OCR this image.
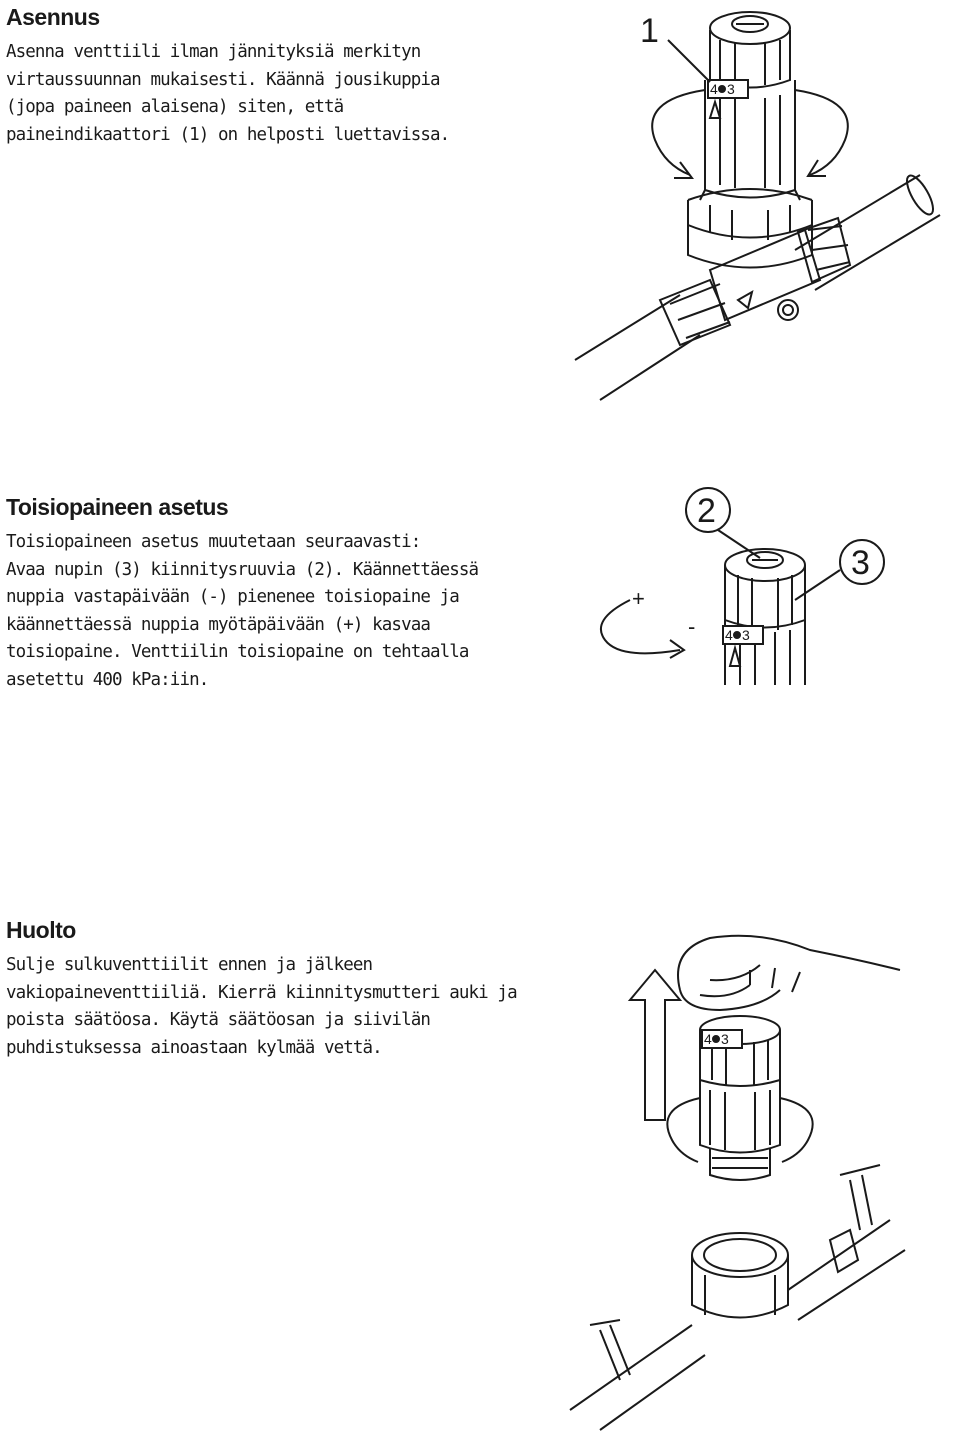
Asennus

Asenna venttiili ilman jännityksiä merkityn
virtaussuunnan mukaisesti. Käännä jousikuppia
(jopa paineen alaisena) siten, että
paineindikaattori (1) on helposti luettavissa.

4 3
1
Toisiopaineen asetus

Toisiopaineen asetus muutetaan seuraavasti:
Avaa nupin (3) kiinnitysruuvia (2). Käännettäessä
nuppia vastapäivään (-) pienenee toisiopaine ja
käännettäessä nuppia myötäpäivään (+) kasvaa
toisiopaine. Venttiilin toisiopaine on tehtaalla
asetettu 400 kPa:iin.

4 3
+
-
2
3
Huolto

Sulje sulkuventtiilit ennen ja jälkeen
vakiopaineventtiiliä. Kierrä kiinnitysmutteri auki ja
poista säätöosa. Käytä säätöosan ja siivilän
puhdistuksessa ainoastaan kylmää vettä.	4 3
